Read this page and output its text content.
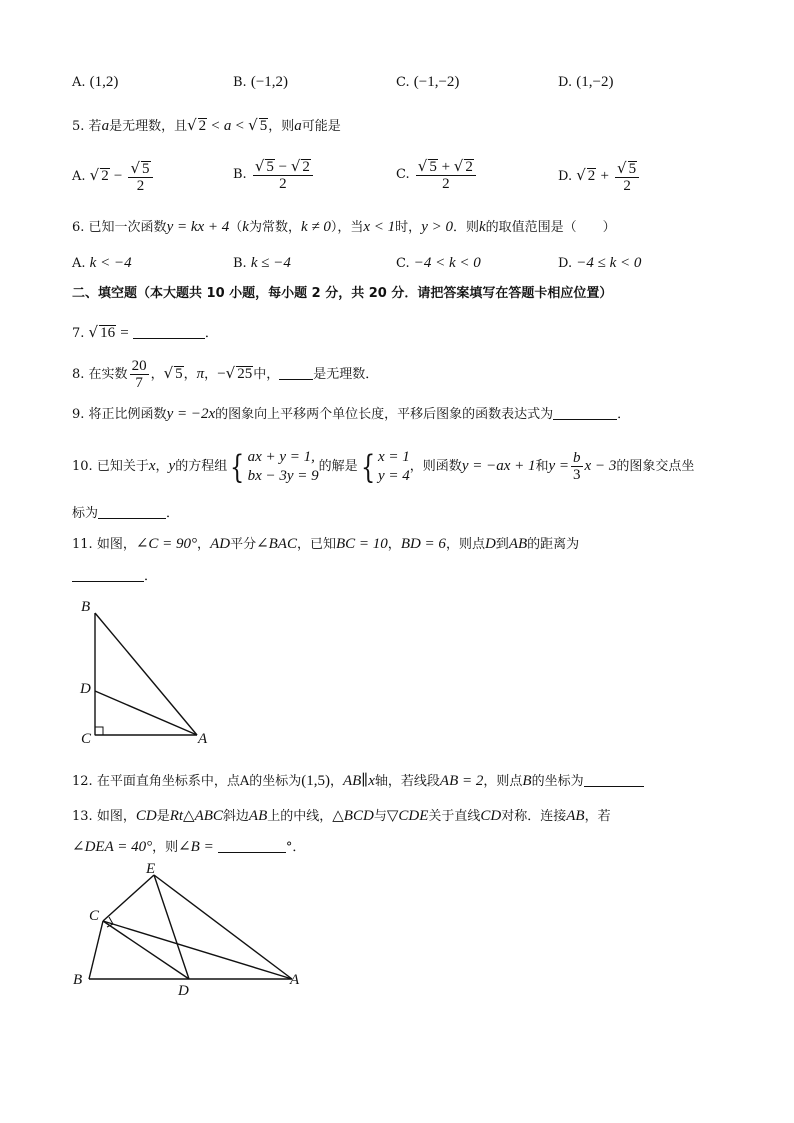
A. (1,2)	B. (−1,2)	C. (−1,−2)	D. (1,−2)
5. 若a是无理数，且√ 2 < a < √ 5，则a可能是
A. √ $2 - \frac{√ 5}{2}$	B. $\frac{√ 5 - √ 2}{2}$	C. $\frac{√ 5 + √ 2}{2}$	D. √ $2 + \frac{√ 5}{2}$
6. 已知一次函数y = kx + 4（k为常数，k ≠ 0），当x < 1时，y > 0．则k的取值范围是（　　）
A. k < −4	B. k ≤ −4	C. −4 < k < 0	D. −4 ≤ k < 0
二、填空题（本大题共 10 小题，每小题 2 分，共 20 分．请把答案填写在答题卡相应位置）
7. √ 16 =	．
8. 在实数 $\frac{20}{7}$ ，√ 5，π，−√ 25中，	是无理数．
9. 将正比例函数y = −2x的图象向上平移两个单位长度，平移后图象的函数表达式为	．
10. 已知关于x，y的方程组 { ax + y = 1,
bx − 3y = 9
的解是 { x = 1
y = 4
，则函数y = −ax + 1和$y = \frac{b}{3}$ x − 3的图象交点坐
标为	．
11. 如图，∠C = 90°，AD平分∠BAC，已知BC = 10，BD = 6，则点D到AB的距离为
．
B
D
C	A
12. 在平面直角坐标系中，点A的坐标为(1,5)，AB∥x轴，若线段AB = 2，则点B的坐标为
13. 如图，CD是Rt△ABC斜边AB上的中线，△BCD与▽CDE关于直线CD对称．连接AB，若
∠DEA = 40°，则∠B =	°．
E
C
B
D
A
